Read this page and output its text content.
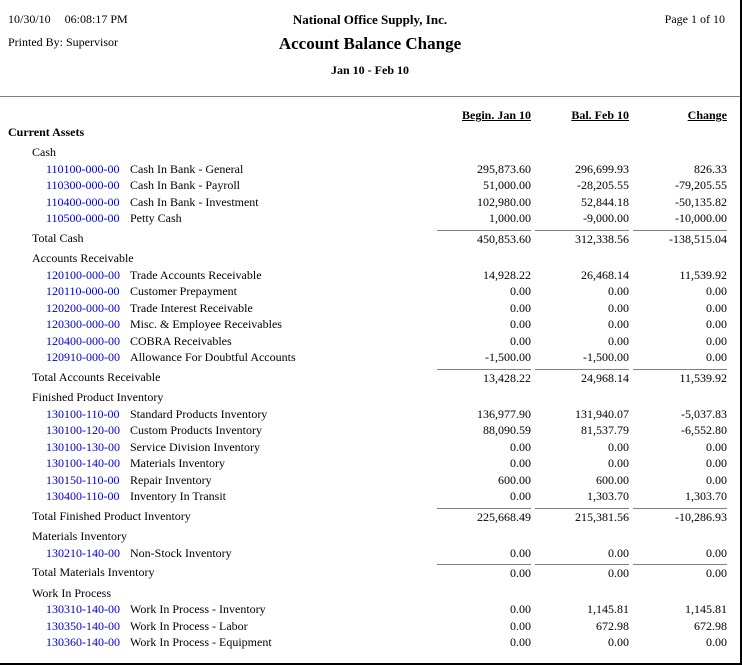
10/30/10 06:08:17 PM
Printed By: Supervisor
National Office Supply, Inc.
Account Balance Change
Jan 10 - Feb 10
Page 1 of 10
Begin. Jan 10	Bal. Feb 10	Change
Current Assets
Cash
110100-000-00 Cash In Bank - General	295,873.60	296,699.93	826.33
110300-000-00 Cash In Bank - Payroll	51,000.00	-28,205.55	-79,205.55
110400-000-00 Cash In Bank - Investment	102,980.00	52,844.18	-50,135.82
110500-000-00 Petty Cash	1,000.00	-9,000.00	-10,000.00
Total Cash	450,853.60	312,338.56	-138,515.04
Accounts Receivable
120100-000-00 Trade Accounts Receivable	14,928.22	26,468.14	11,539.92
120110-000-00 Customer Prepayment	0.00	0.00	0.00
120200-000-00 Trade Interest Receivable	0.00	0.00	0.00
120300-000-00 Misc. & Employee Receivables	0.00	0.00	0.00
120400-000-00 COBRA Receivables	0.00	0.00	0.00
120910-000-00 Allowance For Doubtful Accounts	-1,500.00	-1,500.00	0.00
Total Accounts Receivable	13,428.22	24,968.14	11,539.92
Finished Product Inventory
130100-110-00 Standard Products Inventory	136,977.90	131,940.07	-5,037.83
130100-120-00 Custom Products Inventory	88,090.59	81,537.79	-6,552.80
130100-130-00 Service Division Inventory	0.00	0.00	0.00
130100-140-00 Materials Inventory	0.00	0.00	0.00
130150-110-00 Repair Inventory	600.00	600.00	0.00
130400-110-00 Inventory In Transit	0.00	1,303.70	1,303.70
Total Finished Product Inventory	225,668.49	215,381.56	-10,286.93
Materials Inventory
130210-140-00 Non-Stock Inventory	0.00	0.00	0.00
Total Materials Inventory	0.00	0.00	0.00
Work In Process
130310-140-00 Work In Process - Inventory	0.00	1,145.81	1,145.81
130350-140-00 Work In Process - Labor	0.00	672.98	672.98
130360-140-00 Work In Process - Equipment	0.00	0.00	0.00
